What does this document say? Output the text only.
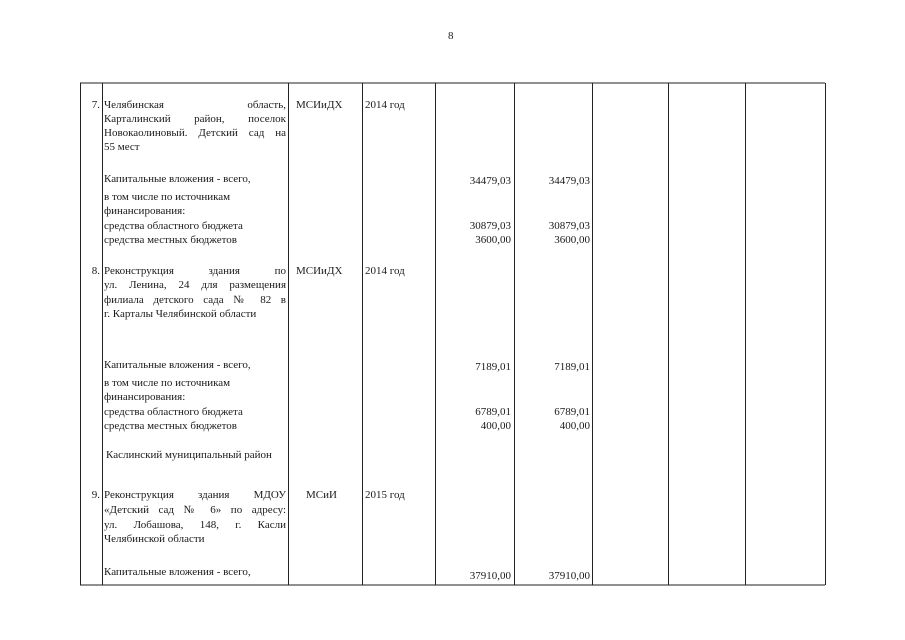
8
7. Челябинская область,
Карталинский район, поселок
Новокаолиновый. Детский сад на
55 мест
МСИиДХ 2014 год
Капитальные вложения - всего,	34479,03	34479,03
в том числе по источникам
финансирования:
средства областного бюджета	30879,03	30879,03
средства местных бюджетов	3600,00	3600,00
8. Реконструкция здания по
ул. Ленина, 24 для размещения
филиала детского сада № 82 в
г. Карталы Челябинской области
МСИиДХ 2014 год
Капитальные вложения - всего,	7189,01	7189,01
в том числе по источникам
финансирования:
средства областного бюджета	6789,01	6789,01
средства местных бюджетов	400,00	400,00
Каслинский муниципальный район
9. Реконструкция здания МДОУ
«Детский сад № 6» по адресу:
ул. Лобашова, 148, г. Касли
Челябинской области
МСиИ	2015 год
Капитальные вложения - всего,	37910,00	37910,00
